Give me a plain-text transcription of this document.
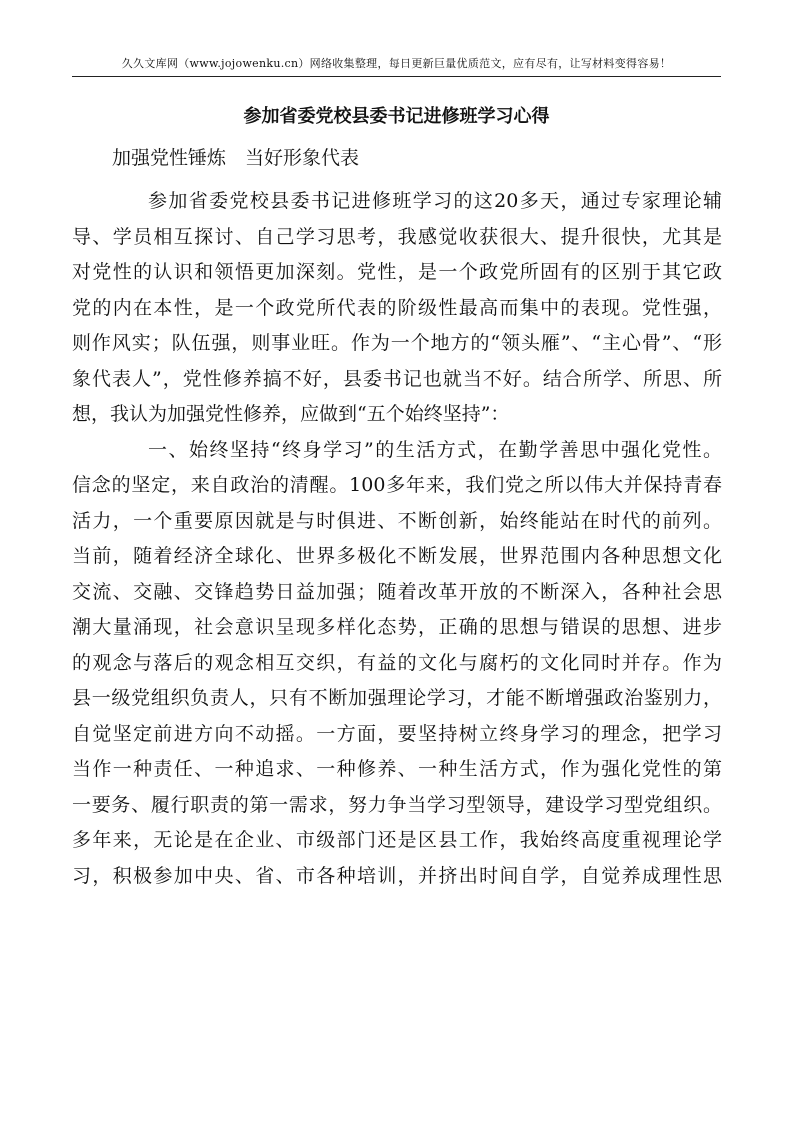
久久文库网（www.jojowenku.cn）网络收集整理，每日更新巨量优质范文，应有尽有，让写材料变得容易！
参加省委党校县委书记进修班学习心得
加强党性锤炼　当好形象代表
参加省委党校县委书记进修班学习的这20多天，通过专家理论辅
导、学员相互探讨、自己学习思考，我感觉收获很大、提升很快，尤其是
对党性的认识和领悟更加深刻。党性，是一个政党所固有的区别于其它政
党的内在本性，是一个政党所代表的阶级性最高而集中的表现。党性强，
则作风实；队伍强，则事业旺。作为一个地方的“领头雁”、“主心骨”、“形
象代表人”，党性修养搞不好，县委书记也就当不好。结合所学、所思、所
想，我认为加强党性修养，应做到“五个始终坚持”：
一、始终坚持“终身学习”的生活方式，在勤学善思中强化党性。
信念的坚定，来自政治的清醒。100多年来，我们党之所以伟大并保持青春
活力，一个重要原因就是与时俱进、不断创新，始终能站在时代的前列。
当前，随着经济全球化、世界多极化不断发展，世界范围内各种思想文化
交流、交融、交锋趋势日益加强；随着改革开放的不断深入，各种社会思
潮大量涌现，社会意识呈现多样化态势，正确的思想与错误的思想、进步
的观念与落后的观念相互交织，有益的文化与腐朽的文化同时并存。作为
县一级党组织负责人，只有不断加强理论学习，才能不断增强政治鉴别力，
自觉坚定前进方向不动摇。一方面，要坚持树立终身学习的理念，把学习
当作一种责任、一种追求、一种修养、一种生活方式，作为强化党性的第
一要务、履行职责的第一需求，努力争当学习型领导，建设学习型党组织。
多年来，无论是在企业、市级部门还是区县工作，我始终高度重视理论学
习，积极参加中央、省、市各种培训，并挤出时间自学，自觉养成理性思
